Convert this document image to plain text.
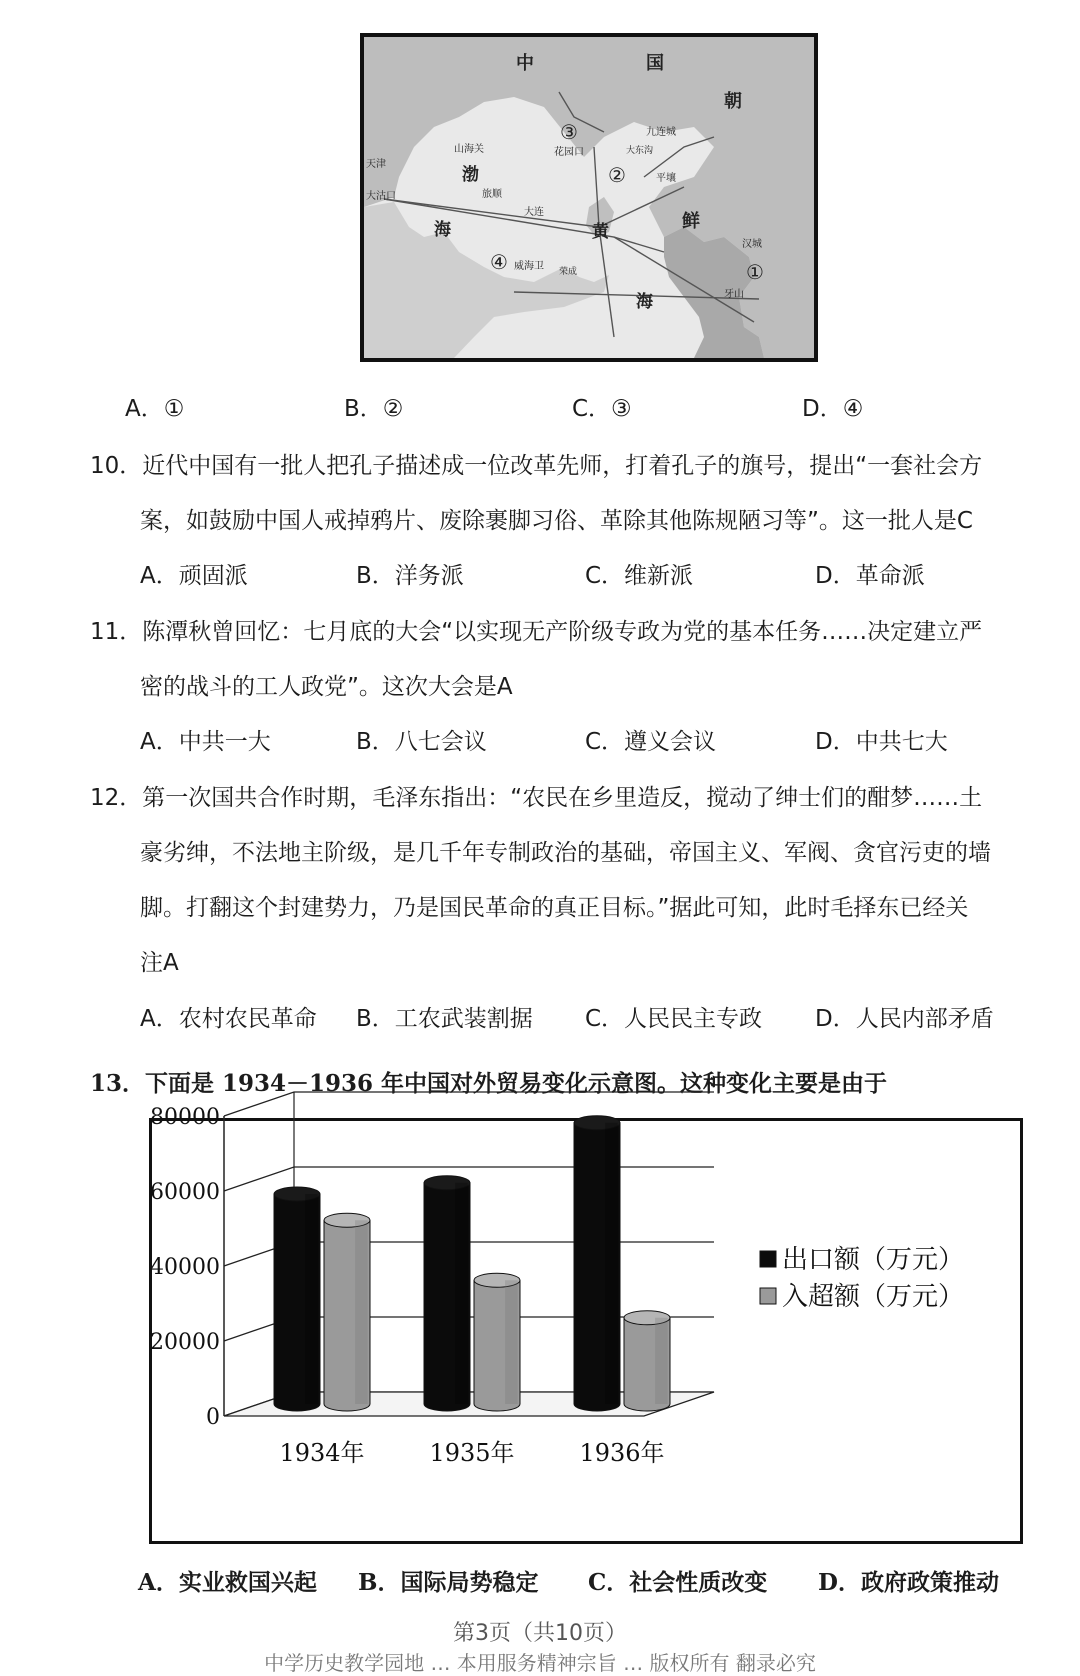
中	国
朝
鲜
渤
海	黄
海
山海关
天津
大沽口	旅顺
大连
花园口
九连城
大东沟
平壤
汉城
牙山
威海卫 荣成	①
②
③
④
A．①	B．②	C．③	D．④
10．近代中国有一批人把孔子描述成一位改革先师，打着孔子的旗号，提出“一套社会方
案，如鼓励中国人戒掉鸦片、废除裹脚习俗、革除其他陈规陋习等”。这一批人是C
A．顽固派	B．洋务派	C．维新派	D．革命派
11．陈潭秋曾回忆：七月底的大会“以实现无产阶级专政为党的基本任务……决定建立严
密的战斗的工人政党”。这次大会是A
A．中共一大	B．八七会议	C．遵义会议	D．中共七大
12．第一次国共合作时期，毛泽东指出：“农民在乡里造反，搅动了绅士们的酣梦……土
豪劣绅，不法地主阶级，是几千年专制政治的基础，帝国主义、军阀、贪官污吏的墙
脚。打翻这个封建势力，乃是国民革命的真正目标。”据此可知，此时毛择东已经关
注A
A．农村农民革命 B．工农武装割据 C．人民民主专政 D．人民内部矛盾
13．下面是 1934－1936 年中国对外贸易变化示意图。这种变化主要是由于
0
20000
40000
60000
80000
1934年	1935年	1936年
出口额（万元）
入超额（万元）
A．实业救国兴起 B．国际局势稳定 C．社会性质改变 D．政府政策推动
第3页（共10页）
中学历史教学园地 … 本用服务精神宗旨 … 版权所有 翻录必究
